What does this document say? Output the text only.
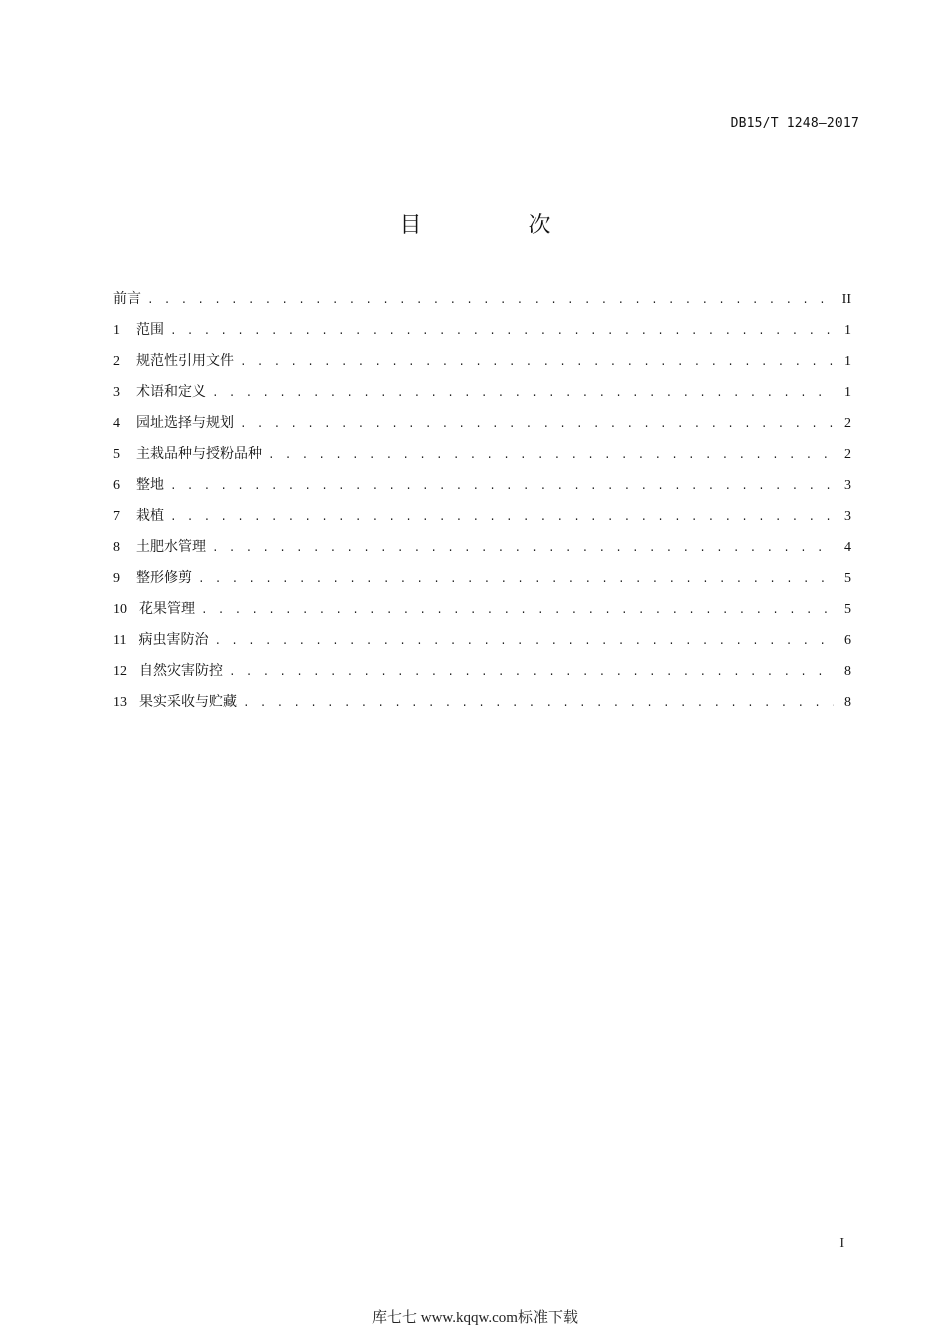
DB15/T 1248—2017
目 次
前言 . . .	II
1 范围 . . .	1
2 规范性引用文件 . . .	1
3 术语和定义 . . .	1
4 园址选择与规划 . . .	2
5 主栽品种与授粉品种 . . .	2
6 整地 . . .	3
7 栽植 . . .	3
8 土肥水管理 . . .	4
9 整形修剪 . . .	5
10 花果管理 . . .	5
11 病虫害防治 . . .	6
12 自然灾害防控 . . .	8
13 果实采收与贮藏 . . .	8
I
库七七 www.kqqw.com标准下载
